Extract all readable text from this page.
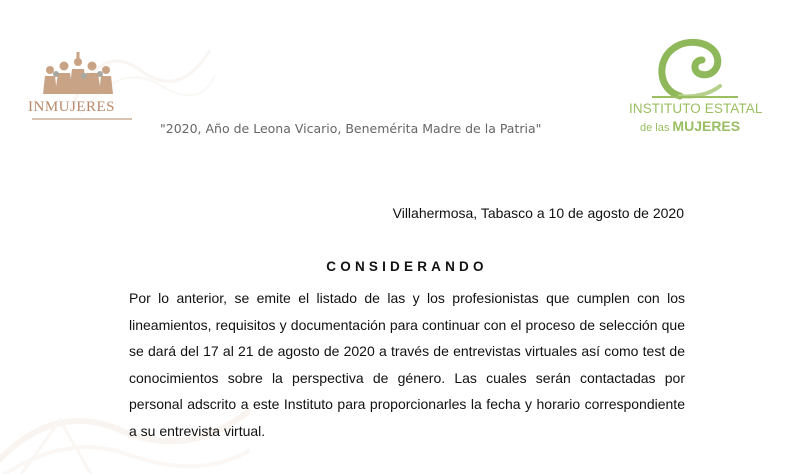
INMUJERES	INSTITUTO ESTATAL
de las MUJERES
"2020, Año de Leona Vicario, Benemérita Madre de la Patria"
Villahermosa, Tabasco a 10 de agosto de 2020
CONSIDERANDO
Por lo anterior, se emite el listado de las y los profesionistas que cumplen con los lineamientos, requisitos y documentación para continuar con el proceso de selección que se dará del 17 al 21 de agosto de 2020 a través de entrevistas virtuales así como test de conocimientos sobre la perspectiva de género. Las cuales serán contactadas por personal adscrito a este Instituto para proporcionarles la fecha y horario correspondiente a su entrevista virtual.
